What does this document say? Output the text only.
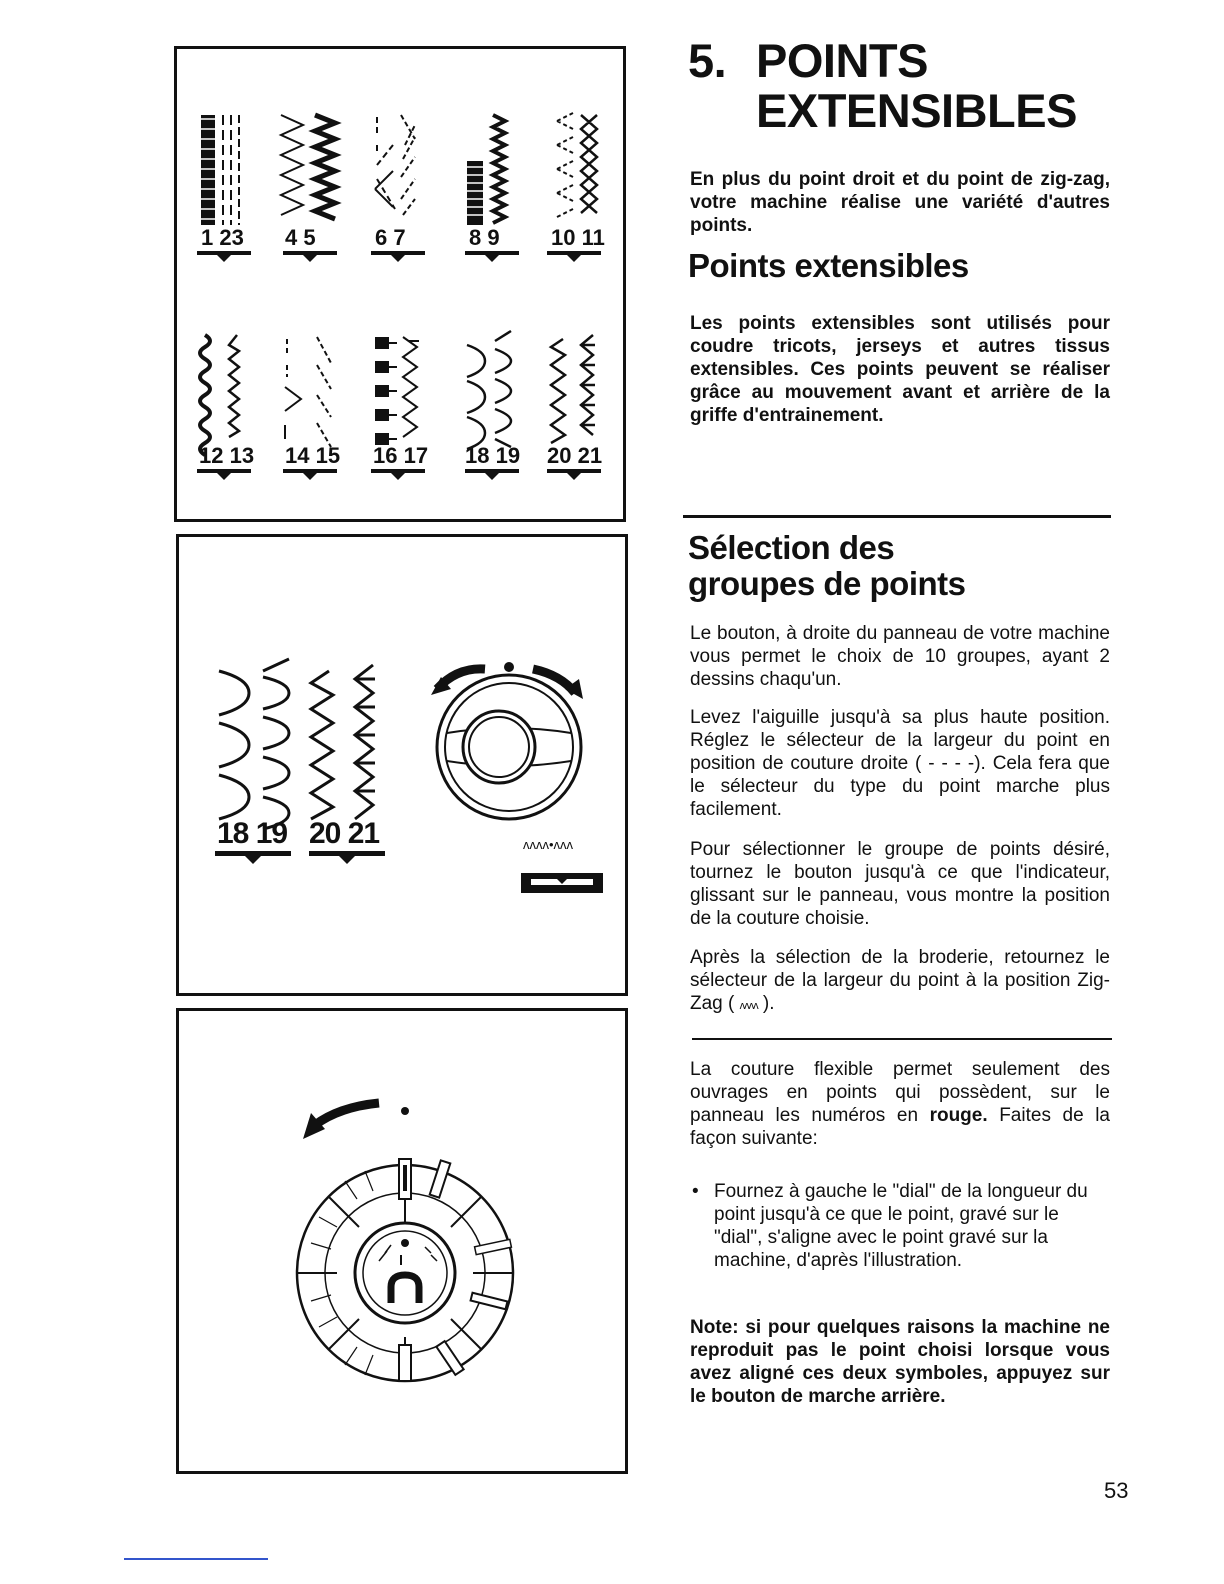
1 23 4 5	6 7	8 9 10 11
12 13 14 15 16 17 18 19 20 21
18 19 20 21	ᴧᴧᴧᴧ•ᴧᴧᴧ
5. POINTS
EXTENSIBLES

En plus du point droit et du point de zig-zag, votre machine réalise une variété d'autres points.

Points extensibles

Les points extensibles sont utilisés pour coudre tricots, jerseys et autres tissus extensibles. Ces points peuvent se réaliser grâce au mouvement avant et arrière de la griffe d'entrainement.

Sélection des
groupes de points

Le bouton, à droite du panneau de votre machine vous permet le choix de 10 groupes, ayant 2 dessins chaqu'un.

Levez l'aiguille jusqu'à sa plus haute position. Réglez le sélecteur de la largeur du point en position de couture droite ( - - - -). Cela fera que le sélecteur du type du point marche plus facilement.

Pour sélectionner le groupe de points désiré, tournez le bouton jusqu'à ce que l'indicateur, glissant sur le panneau, vous montre la position de la couture choisie.

Après la sélection de la broderie, retournez le sélecteur de la largeur du point à la position Zig-Zag ( ʌʌʌʌ ).

La couture flexible permet seulement des ouvrages en points qui possèdent, sur le panneau les numéros en rouge. Faites de la façon suivante:

• Fournez à gauche le "dial" de la longueur du point jusqu'à ce que le point, gravé sur le "dial", s'aligne avec le point gravé sur la machine, d'après l'illustration.

Note: si pour quelques raisons la machine ne reproduit pas le point choisi lorsque vous avez aligné ces deux symboles, appuyez sur le bouton de marche arrière.

53
